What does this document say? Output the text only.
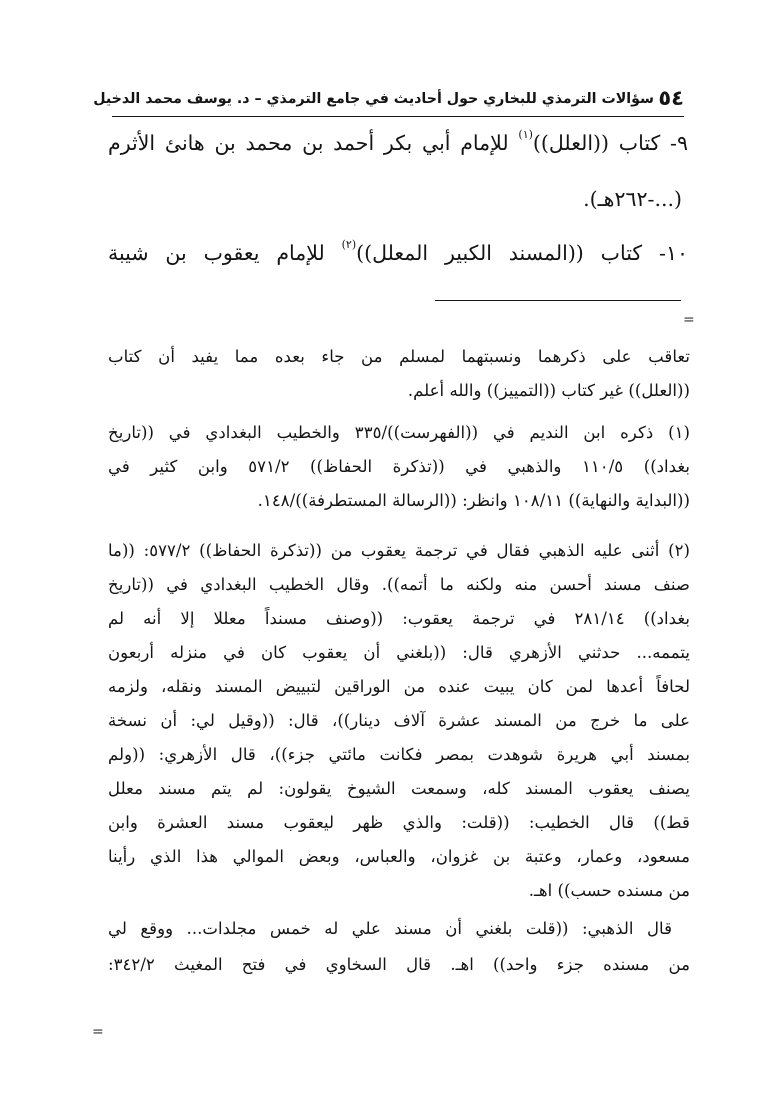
٥٤
سؤالات الترمذي للبخاري حول أحاديث في جامع الترمذي – د. يوسف محمد الدخيل
٩- كتاب ((العلل))$^{(١)}$ للإمام أبي بكر أحمد بن محمد بن هانئ الأثرم
(...-٢٦٢هـ).
١٠- كتاب ((المسند الكبير المعلل))$^{(٢)}$ للإمام يعقوب بن شيبة
=
تعاقب على ذكرهما ونسبتهما لمسلم من جاء بعده مما يفيد أن كتاب
((العلل)) غير كتاب ((التمييز)) والله أعلم.
(١) ذكره ابن النديم في ((الفهرست))/٣٣٥ والخطيب البغدادي في ((تاريخ
بغداد)) ١١٠/٥ والذهبي في ((تذكرة الحفاظ)) ٥٧١/٢ وابن كثير في
((البداية والنهاية)) ١٠٨/١١ وانظر: ((الرسالة المستطرفة))/١٤٨.
(٢) أثنى عليه الذهبي فقال في ترجمة يعقوب من ((تذكرة الحفاظ)) ٥٧٧/٢: ((ما
صنف مسند أحسن منه ولكنه ما أتمه)). وقال الخطيب البغدادي في ((تاريخ
بغداد)) ٢٨١/١٤ في ترجمة يعقوب: ((وصنف مسنداً معللا إلا أنه لم
يتممه... حدثني الأزهري قال: ((بلغني أن يعقوب كان في منزله أربعون
لحافاً أعدها لمن كان يبيت عنده من الوراقين لتبييض المسند ونقله، ولزمه
على ما خرج من المسند عشرة آلاف دينار))، قال: ((وقيل لي: أن نسخة
بمسند أبي هريرة شوهدت بمصر فكانت مائتي جزء))، قال الأزهري: ((ولم
يصنف يعقوب المسند كله، وسمعت الشيوخ يقولون: لم يتم مسند معلل
قط)) قال الخطيب: ((قلت: والذي ظهر ليعقوب مسند العشرة وابن
مسعود، وعمار، وعتبة بن غزوان، والعباس، وبعض الموالي هذا الذي رأينا
من مسنده حسب)) اهـ.
قال الذهبي: ((قلت بلغني أن مسند علي له خمس مجلدات... ووقع لي
من مسنده جزء واحد)) اهـ. قال السخاوي في فتح المغيث ٣٤٢/٢:
=
